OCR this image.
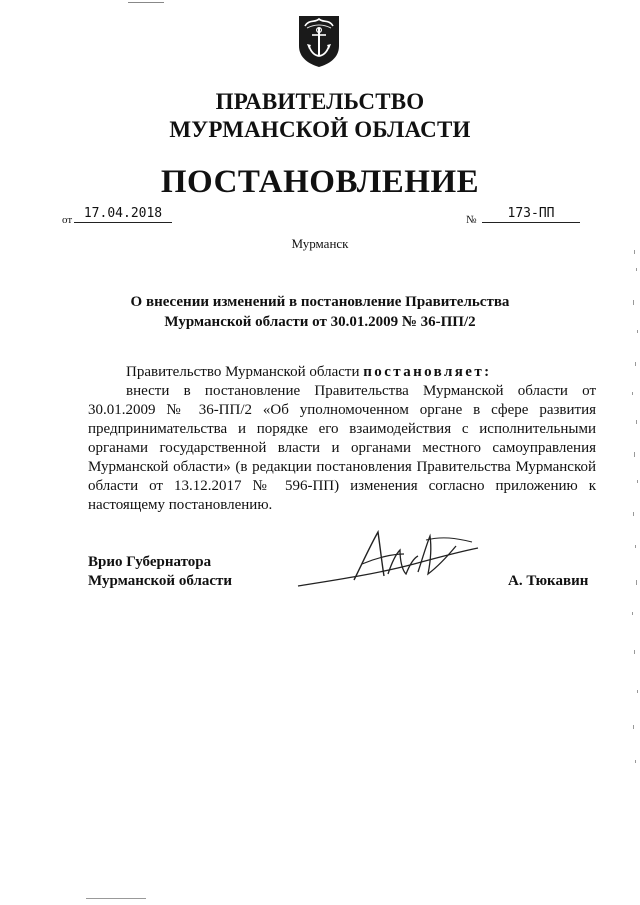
ПРАВИТЕЛЬСТВО
МУРМАНСКОЙ ОБЛАСТИ
ПОСТАНОВЛЕНИЕ
от 17.04.2018	№	173-ПП
Мурманск
О внесении изменений в постановление Правительства
Мурманской области от 30.01.2009 № 36-ПП/2
Правительство Мурманской области постановляет:
внести в постановление Правительства Мурманской области от 30.01.2009 № 36-ПП/2 «Об уполномоченном органе в сфере развития предпринимательства и порядке его взаимодействия с исполнительными органами государственной власти и органами местного самоуправления Мурманской области» (в редакции постановления Правительства Мурманской области от 13.12.2017 № 596-ПП) изменения согласно приложению к настоящему постановлению.
Врио Губернатора
Мурманской области	А. Тюкавин
